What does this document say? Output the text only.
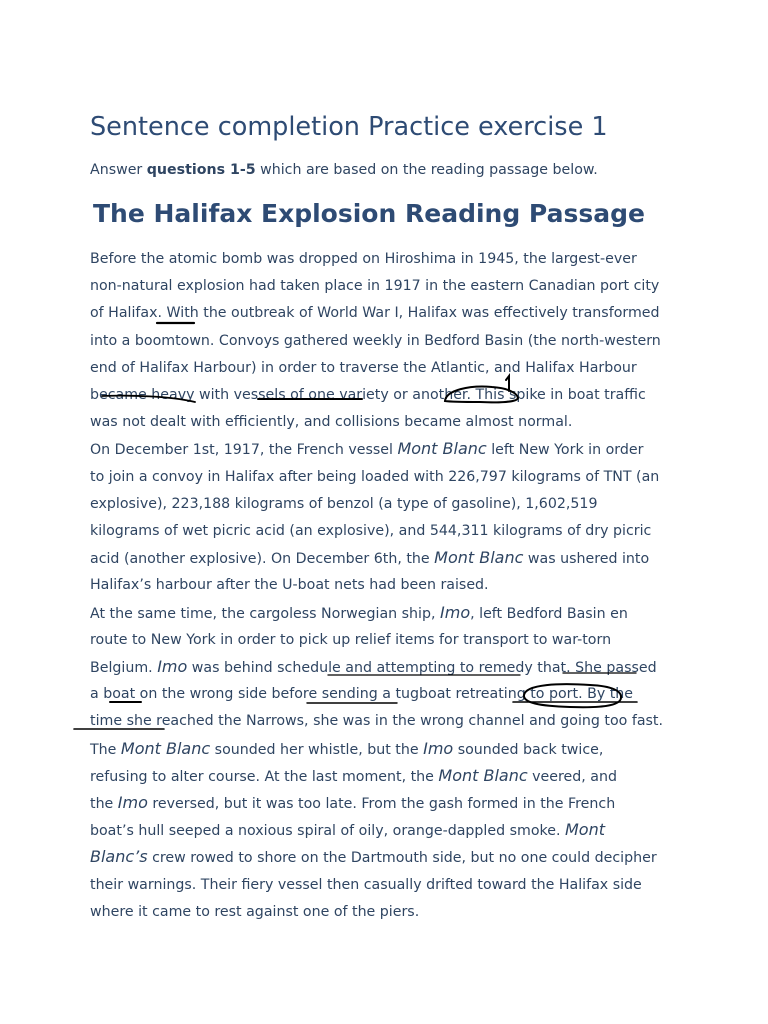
Sentence completion Practice exercise 1

Answer questions 1-5 which are based on the reading passage below.

The Halifax Explosion Reading Passage
Before the atomic bomb was dropped on Hiroshima in 1945, the largest-ever
non-natural explosion had taken place in 1917 in the eastern Canadian port city
of Halifax. With the outbreak of World War I, Halifax was effectively transformed
into a boomtown. Convoys gathered weekly in Bedford Basin (the north-western
end of Halifax Harbour) in order to traverse the Atlantic, and Halifax Harbour
became heavy with vessels of one variety or another. This spike in boat traffic
was not dealt with efficiently, and collisions became almost normal.
On December 1st, 1917, the French vessel Mont Blanc left New York in order
to join a convoy in Halifax after being loaded with 226,797 kilograms of TNT (an
explosive), 223,188 kilograms of benzol (a type of gasoline), 1,602,519
kilograms of wet picric acid (an explosive), and 544,311 kilograms of dry picric
acid (another explosive). On December 6th, the Mont Blanc was ushered into
Halifax’s harbour after the U-boat nets had been raised.
At the same time, the cargoless Norwegian ship, Imo, left Bedford Basin en
route to New York in order to pick up relief items for transport to war-torn
Belgium. Imo was behind schedule and attempting to remedy that. She passed
a boat on the wrong side before sending a tugboat retreating to port. By the
time she reached the Narrows, she was in the wrong channel and going too fast.
The Mont Blanc sounded her whistle, but the Imo sounded back twice,
refusing to alter course. At the last moment, the Mont Blanc veered, and
the Imo reversed, but it was too late. From the gash formed in the French
boat’s hull seeped a noxious spiral of oily, orange-dappled smoke. Mont
Blanc’s crew rowed to shore on the Dartmouth side, but no one could decipher
their warnings. Their fiery vessel then casually drifted toward the Halifax side
where it came to rest against one of the piers.
